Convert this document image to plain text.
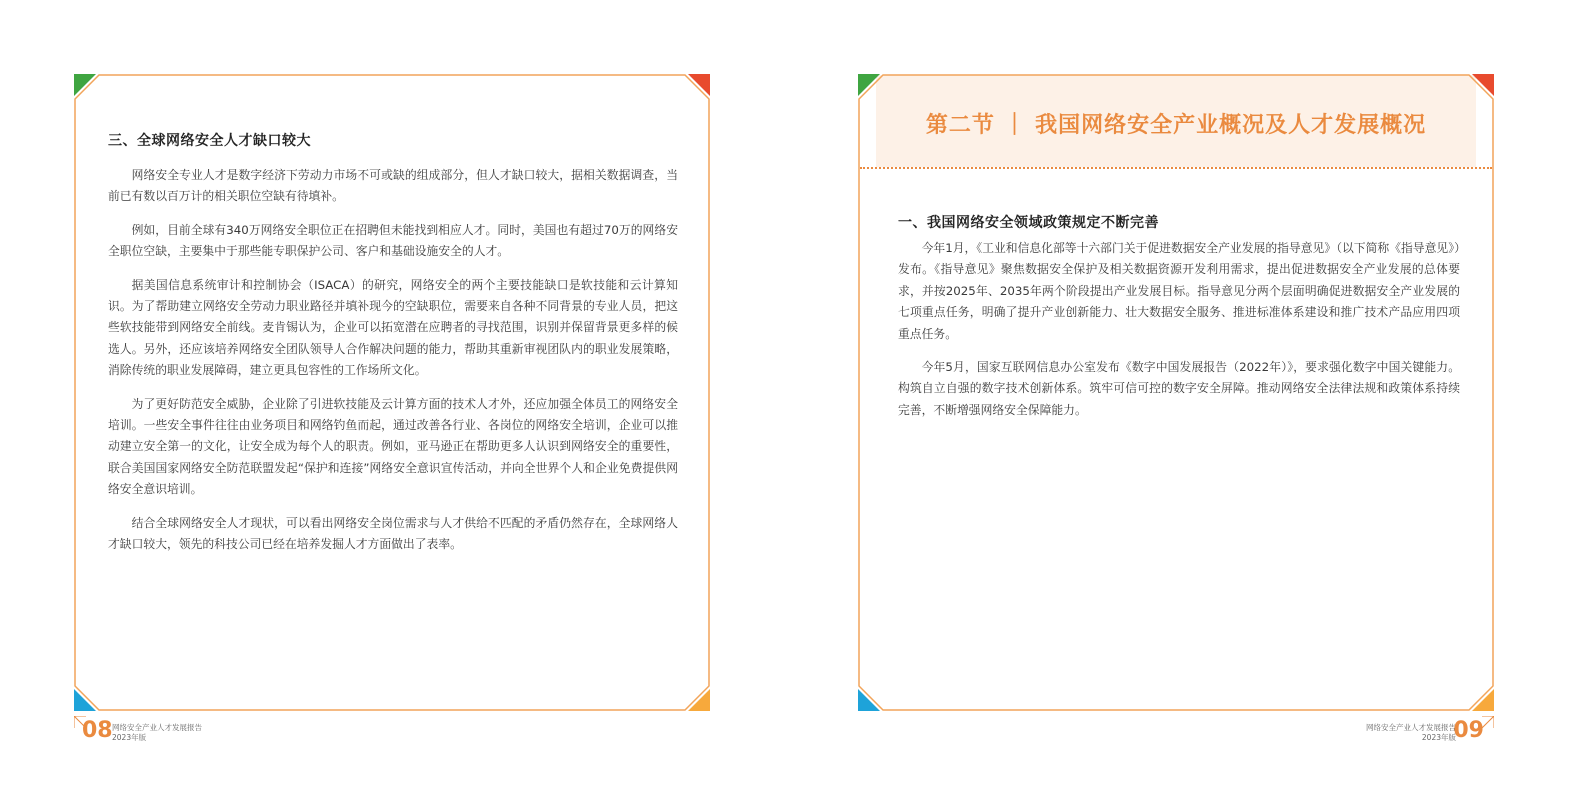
三、全球网络安全人才缺口较大

网络安全专业人才是数字经济下劳动力市场不可或缺的组成部分，但人才缺口较大，据相关数据调查，当前已有数以百万计的相关职位空缺有待填补。

例如，目前全球有340万网络安全职位正在招聘但未能找到相应人才。同时，美国也有超过70万的网络安全职位空缺，主要集中于那些能专职保护公司、客户和基础设施安全的人才。

据美国信息系统审计和控制协会（ISACA）的研究，网络安全的两个主要技能缺口是软技能和云计算知识。为了帮助建立网络安全劳动力职业路径并填补现今的空缺职位，需要来自各种不同背景的专业人员，把这些软技能带到网络安全前线。麦肯锡认为，企业可以拓宽潜在应聘者的寻找范围，识别并保留背景更多样的候选人。另外，还应该培养网络安全团队领导人合作解决问题的能力，帮助其重新审视团队内的职业发展策略，消除传统的职业发展障碍，建立更具包容性的工作场所文化。

为了更好防范安全威胁，企业除了引进软技能及云计算方面的技术人才外，还应加强全体员工的网络安全培训。一些安全事件往往由业务项目和网络钓鱼而起，通过改善各行业、各岗位的网络安全培训，企业可以推动建立安全第一的文化，让安全成为每个人的职责。例如，亚马逊正在帮助更多人认识到网络安全的重要性，联合美国国家网络安全防范联盟发起“保护和连接”网络安全意识宣传活动，并向全世界个人和企业免费提供网络安全意识培训。

结合全球网络安全人才现状，可以看出网络安全岗位需求与人才供给不匹配的矛盾仍然存在，全球网络人才缺口较大，领先的科技公司已经在培养发掘人才方面做出了表率。

第二节 ｜ 我国网络安全产业概况及人才发展概况
一、我国网络安全领域政策规定不断完善

今年1月，《工业和信息化部等十六部门关于促进数据安全产业发展的指导意见》（以下简称《指导意见》）发布。《指导意见》聚焦数据安全保护及相关数据资源开发利用需求，提出促进数据安全产业发展的总体要求，并按2025年、2035年两个阶段提出产业发展目标。指导意见分两个层面明确促进数据安全产业发展的七项重点任务，明确了提升产业创新能力、壮大数据安全服务、推进标准体系建设和推广技术产品应用四项重点任务。

今年5月，国家互联网信息办公室发布《数字中国发展报告（2022年）》，要求强化数字中国关键能力。构筑自立自强的数字技术创新体系。筑牢可信可控的数字安全屏障。推动网络安全法律法规和政策体系持续完善，不断增强网络安全保障能力。

08 网络安全产业人才发展报告
2023年版
网络安全产业人才发展报告
2023年版
09
